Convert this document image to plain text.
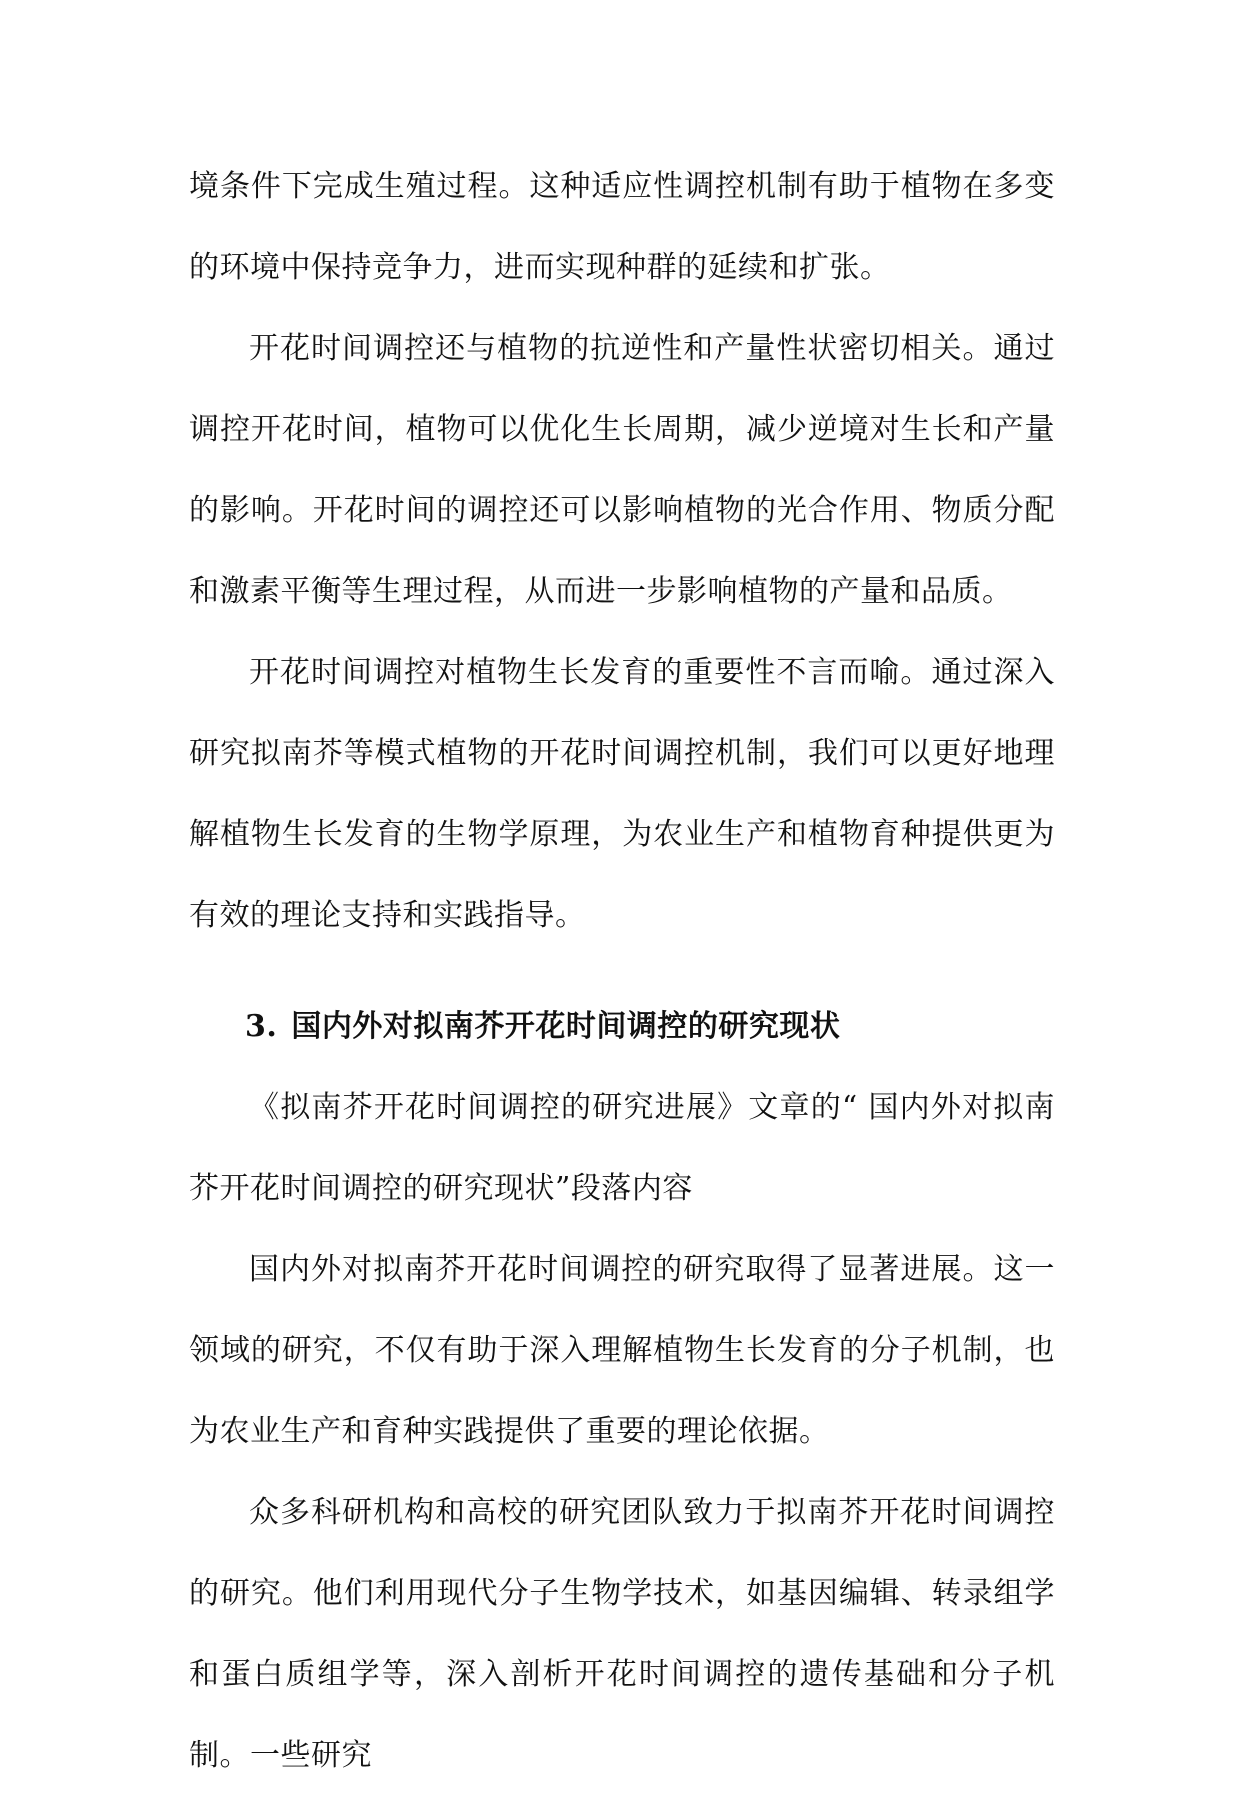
境条件下完成生殖过程。这种适应性调控机制有助于植物在多变的环境中保持竞争力，进而实现种群的延续和扩张。

开花时间调控还与植物的抗逆性和产量性状密切相关。通过调控开花时间，植物可以优化生长周期，减少逆境对生长和产量的影响。开花时间的调控还可以影响植物的光合作用、物质分配和激素平衡等生理过程，从而进一步影响植物的产量和品质。

开花时间调控对植物生长发育的重要性不言而喻。通过深入研究拟南芥等模式植物的开花时间调控机制，我们可以更好地理解植物生长发育的生物学原理，为农业生产和植物育种提供更为有效的理论支持和实践指导。

3. 国内外对拟南芥开花时间调控的研究现状

《拟南芥开花时间调控的研究进展》文章的“ 国内外对拟南芥开花时间调控的研究现状”段落内容

国内外对拟南芥开花时间调控的研究取得了显著进展。这一领域的研究，不仅有助于深入理解植物生长发育的分子机制，也为农业生产和育种实践提供了重要的理论依据。

众多科研机构和高校的研究团队致力于拟南芥开花时间调控的研究。他们利用现代分子生物学技术，如基因编辑、转录组学和蛋白质组学等，深入剖析开花时间调控的遗传基础和分子机制。一些研究
